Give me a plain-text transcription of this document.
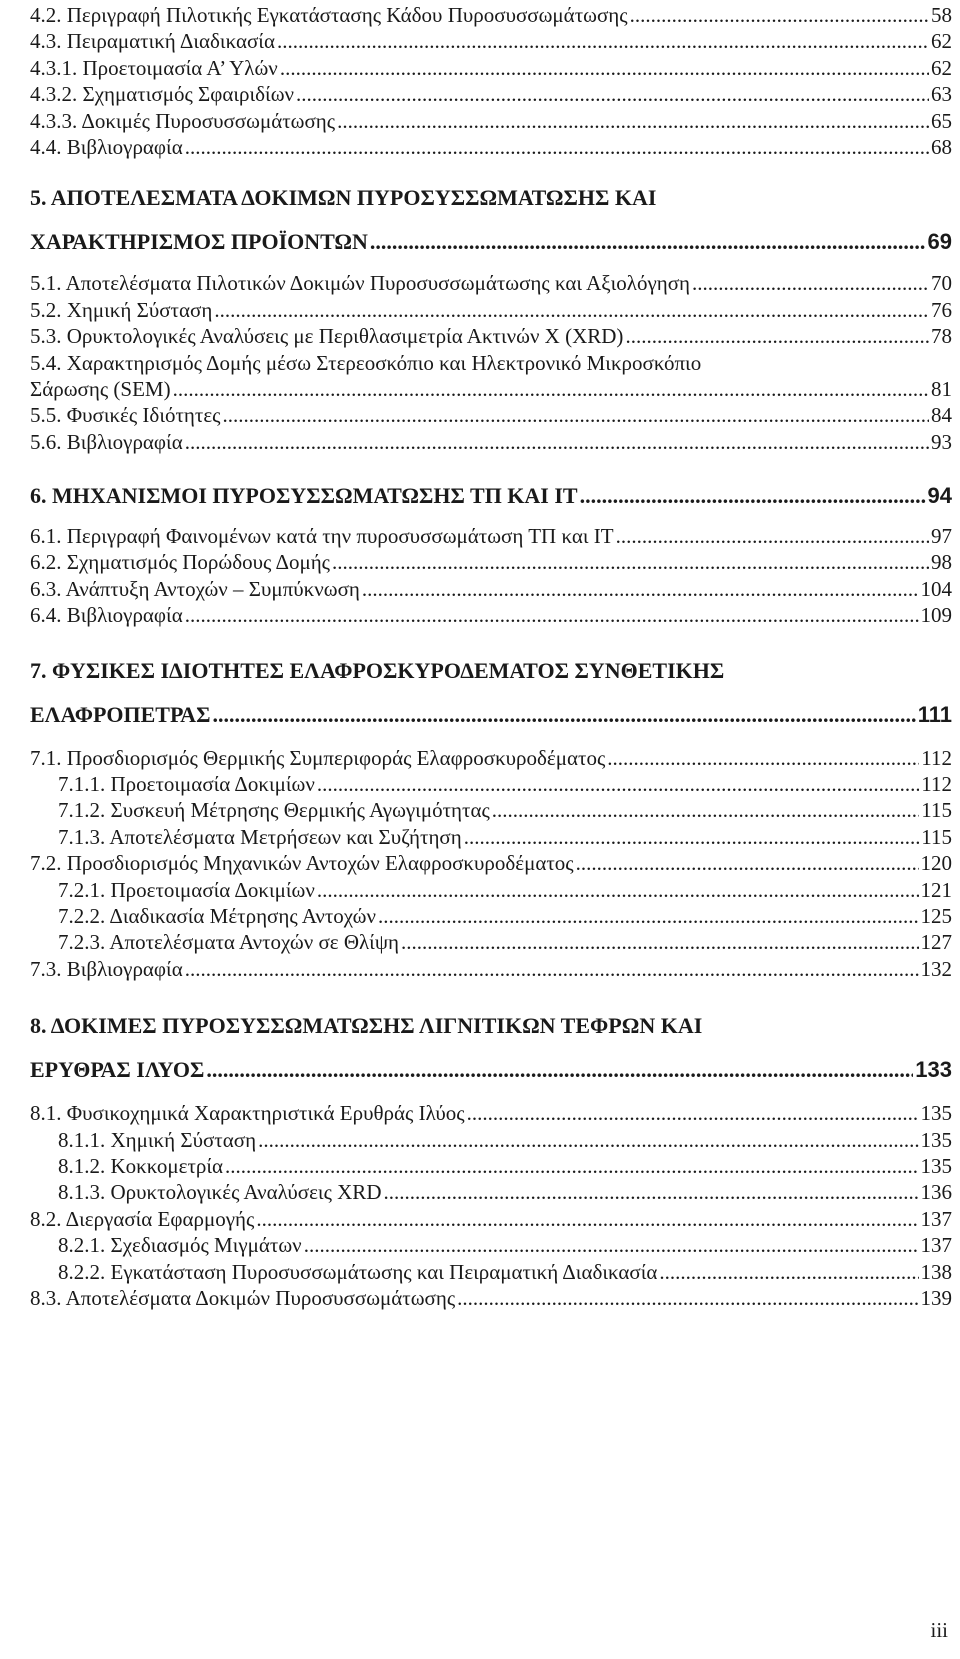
4.2. Περιγραφή Πιλοτικής Εγκατάστασης Κάδου Πυροσυσσωμάτωσης .....	58
4.3. Πειραματική Διαδικασία .....	62
4.3.1. Προετοιμασία Α’ Υλών .....	62
4.3.2. Σχηματισμός Σφαιριδίων .....	63
4.3.3. Δοκιμές Πυροσυσσωμάτωσης .....	65
4.4. Βιβλιογραφία .....	68
5. ΑΠΟΤΕΛΕΣΜΑΤΑ ΔΟΚΙΜΩΝ ΠΥΡΟΣΥΣΣΩΜΑΤΩΣΗΣ ΚΑΙ
ΧΑΡΑΚΤΗΡΙΣΜΟΣ ΠΡΟΪΟΝΤΩΝ .....	69
5.1. Αποτελέσματα Πιλοτικών Δοκιμών Πυροσυσσωμάτωσης και Αξιολόγηση .....	70
5.2. Χημική Σύσταση .....	76
5.3. Ορυκτολογικές Αναλύσεις με Περιθλασιμετρία Ακτινών Χ (XRD) .....	78
5.4. Χαρακτηρισμός Δομής μέσω Στερεοσκόπιο και Ηλεκτρονικό Μικροσκόπιο
Σάρωσης (SEM) .....	81
5.5. Φυσικές Ιδιότητες .....	84
5.6. Βιβλιογραφία .....	93
6. ΜΗΧΑΝΙΣΜΟΙ ΠΥΡΟΣΥΣΣΩΜΑΤΩΣΗΣ ΤΠ ΚΑΙ ΙΤ .....	94
6.1. Περιγραφή Φαινομένων κατά την πυροσυσσωμάτωση ΤΠ και ΙΤ .....	97
6.2. Σχηματισμός Πορώδους Δομής .....	98
6.3. Ανάπτυξη Αντοχών – Συμπύκνωση .....	104
6.4. Βιβλιογραφία .....	109
7. ΦΥΣΙΚΕΣ ΙΔΙΟΤΗΤΕΣ ΕΛΑΦΡΟΣΚΥΡΟΔΕΜΑΤΟΣ ΣΥΝΘΕΤΙΚΗΣ
ΕΛΑΦΡΟΠΕΤΡΑΣ .....	111
7.1. Προσδιορισμός Θερμικής Συμπεριφοράς Ελαφροσκυροδέματος .....	112
7.1.1. Προετοιμασία Δοκιμίων .....	112
7.1.2. Συσκευή Μέτρησης Θερμικής Αγωγιμότητας .....	115
7.1.3. Αποτελέσματα Μετρήσεων και Συζήτηση .....	115
7.2. Προσδιορισμός Μηχανικών Αντοχών Ελαφροσκυροδέματος .....	120
7.2.1. Προετοιμασία Δοκιμίων .....	121
7.2.2. Διαδικασία Μέτρησης Αντοχών .....	125
7.2.3. Αποτελέσματα Αντοχών σε Θλίψη .....	127
7.3. Βιβλιογραφία .....	132
8. ΔΟΚΙΜΕΣ ΠΥΡΟΣΥΣΣΩΜΑΤΩΣΗΣ ΛΙΓΝΙΤΙΚΩΝ ΤΕΦΡΩΝ ΚΑΙ
ΕΡΥΘΡΑΣ ΙΛΥΟΣ .....	133
8.1. Φυσικοχημικά Χαρακτηριστικά Ερυθράς Ιλύος .....	135
8.1.1. Χημική Σύσταση .....	135
8.1.2. Κοκκομετρία .....	135
8.1.3. Ορυκτολογικές Αναλύσεις XRD .....	136
8.2. Διεργασία Εφαρμογής .....	137
8.2.1. Σχεδιασμός Μιγμάτων .....	137
8.2.2. Εγκατάσταση Πυροσυσσωμάτωσης και Πειραματική Διαδικασία .....	138
8.3. Αποτελέσματα Δοκιμών Πυροσυσσωμάτωσης .....	139
iii
